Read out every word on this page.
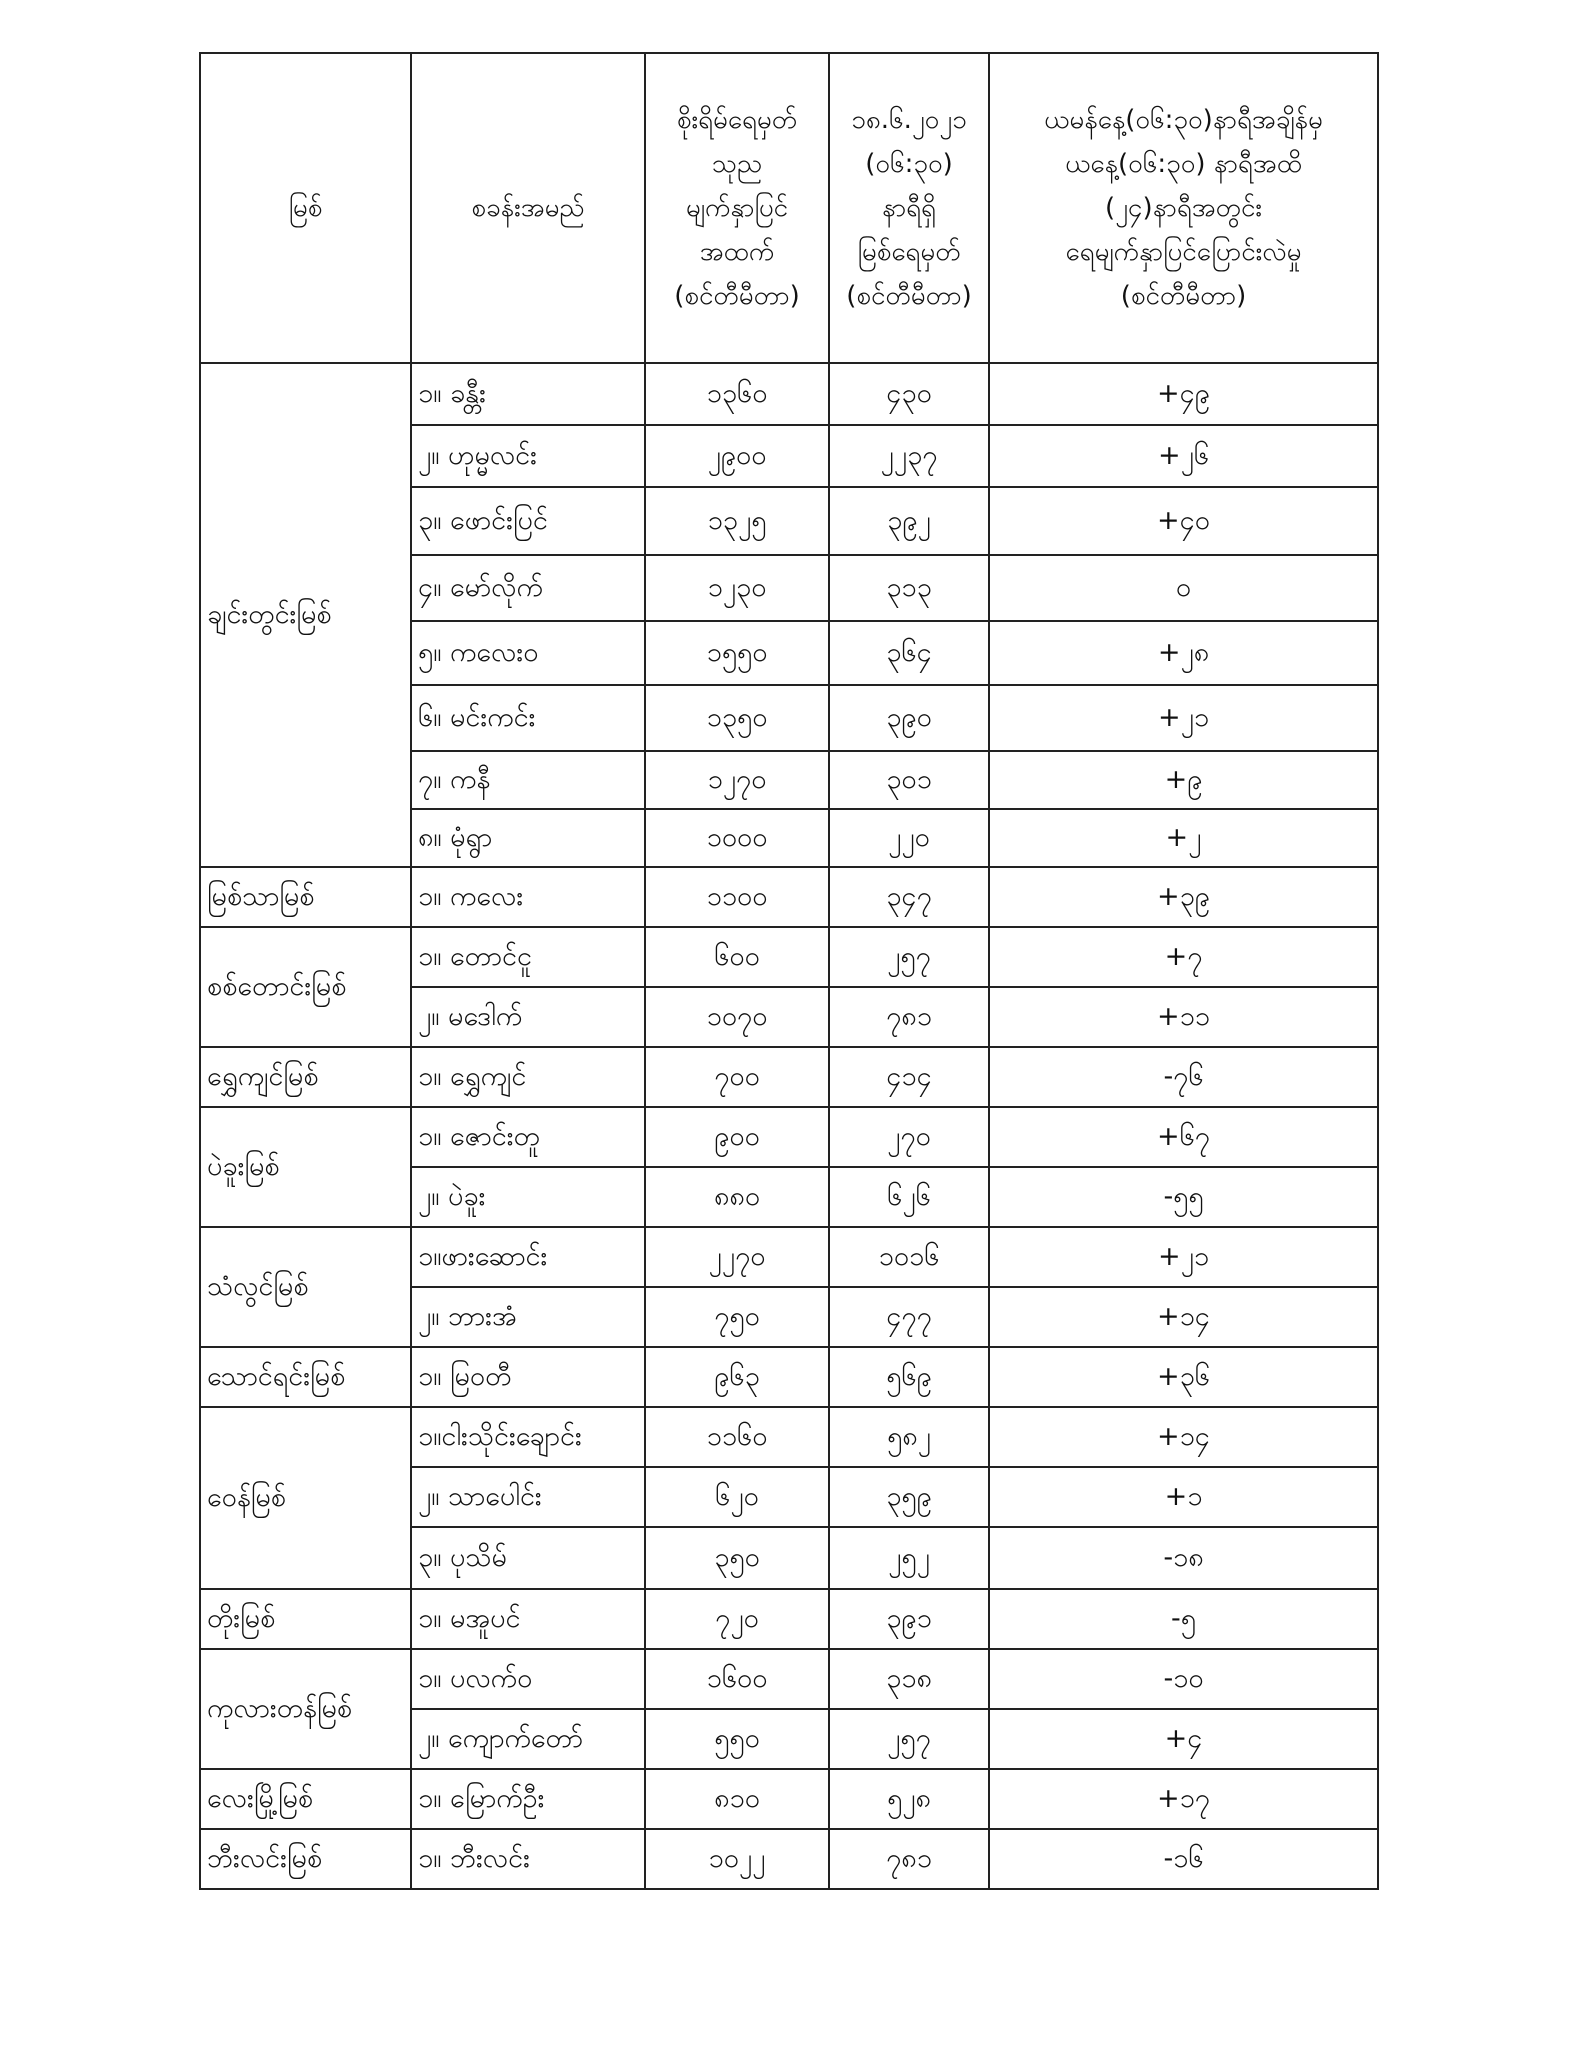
မြစ်	စခန်းအမည်	စိုးရိမ်ရေမှတ်
သုည
မျက်နှာပြင်
အထက်
(စင်တီမီတာ)	၁၈.၆.၂၀၂၁
(၀၆:၃၀)
နာရီရှိ
မြစ်ရေမှတ်
(စင်တီမီတာ)	ယမန်နေ့(၀၆:၃၀)နာရီအချိန်မှ
ယနေ့(၀၆:၃၀) နာရီအထိ
(၂၄)နာရီအတွင်း
ရေမျက်နှာပြင်ပြောင်းလဲမှု
(စင်တီမီတာ)
ချင်းတွင်းမြစ်	၁။ ခန္တီး	၁၃၆၀	၄၃၀	+၄၉
	၂။ ဟုမ္မလင်း	၂၉၀၀	၂၂၃၇	+၂၆
	၃။ ဖောင်းပြင်	၁၃၂၅	၃၉၂	+၄၀
	၄။ မော်လိုက်	၁၂၃၀	၃၁၃	၀
	၅။ ကလေးဝ	၁၅၅၀	၃၆၄	+၂၈
	၆။ မင်းကင်း	၁၃၅၀	၃၉၀	+၂၁
	၇။ ကနီ	၁၂၇၀	၃၀၁	+၉
	၈။ မုံရွာ	၁၀၀၀	၂၂၀	+၂
မြစ်သာမြစ်	၁။ ကလေး	၁၁၀၀	၃၄၇	+၃၉
စစ်တောင်းမြစ်	၁။ တောင်ငူ	၆၀၀	၂၅၇	+၇
	၂။ မဒေါက်	၁၀၇၀	၇၈၁	+၁၁
ရွှေကျင်မြစ်	၁။ ရွှေကျင်	၇၀၀	၄၁၄	-၇၆
ပဲခူးမြစ်	၁။ ဇောင်းတူ	၉၀၀	၂၇၀	+၆၇
	၂။ ပဲခူး	၈၈၀	၆၂၆	-၅၅
သံလွင်မြစ်	၁။ဖားဆောင်း	၂၂၇၀	၁၀၁၆	+၂၁
	၂။ ဘားအံ	၇၅၀	၄၇၇	+၁၄
သောင်ရင်းမြစ်	၁။ မြဝတီ	၉၆၃	၅၆၉	+၃၆
ဝေန်မြစ်	၁။ငါးသိုင်းချောင်း	၁၁၆၀	၅၈၂	+၁၄
	၂။ သာပေါင်း	၆၂၀	၃၅၉	+၁
	၃။ ပုသိမ်	၃၅၀	၂၅၂	-၁၈
တိုးမြစ်	၁။ မအူပင်	၇၂၀	၃၉၁	-၅
ကုလားတန်မြစ်	၁။ ပလက်ဝ	၁၆၀၀	၃၁၈	-၁၀
	၂။ ကျောက်တော်	၅၅၀	၂၅၇	+၄
လေးမြို့မြစ်	၁။ မြောက်ဦး	၈၁၀	၅၂၈	+၁၇
ဘီးလင်းမြစ်	၁။ ဘီးလင်း	၁၀၂၂	၇၈၁	-၁၆
